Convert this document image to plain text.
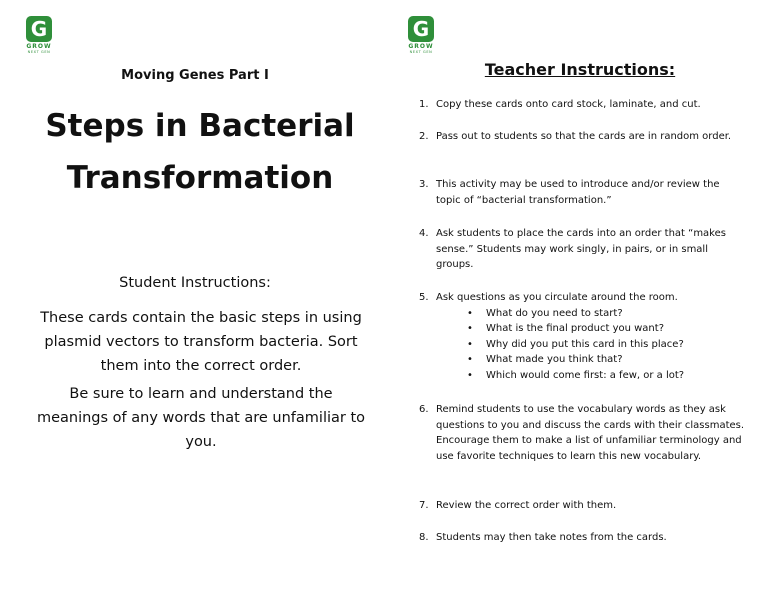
G
GROW
NEXT GEN
G
GROW
NEXT GEN

Moving Genes Part I

Steps in Bacterial
Transformation

Student Instructions:

These cards contain the basic steps in using plasmid vectors to transform bacteria. Sort them into the correct order.

Be sure to learn and understand the meanings of any words that are unfamiliar to you.

Teacher Instructions:

1. Copy these cards onto card stock, laminate, and cut.
2. Pass out to students so that the cards are in random order.
3. This activity may be used to introduce and/or review the topic of “bacterial transformation.”
4. Ask students to place the cards into an order that “makes sense.” Students may work singly, in pairs, or in small groups.
5. Ask questions as you circulate around the room.
• What do you need to start?
• What is the final product you want?
• Why did you put this card in this place?
• What made you think that?
• Which would come first: a few, or a lot?
6. Remind students to use the vocabulary words as they ask questions to you and discuss the cards with their classmates. Encourage them to make a list of unfamiliar terminology and use favorite techniques to learn this new vocabulary.
7. Review the correct order with them.
8. Students may then take notes from the cards.
